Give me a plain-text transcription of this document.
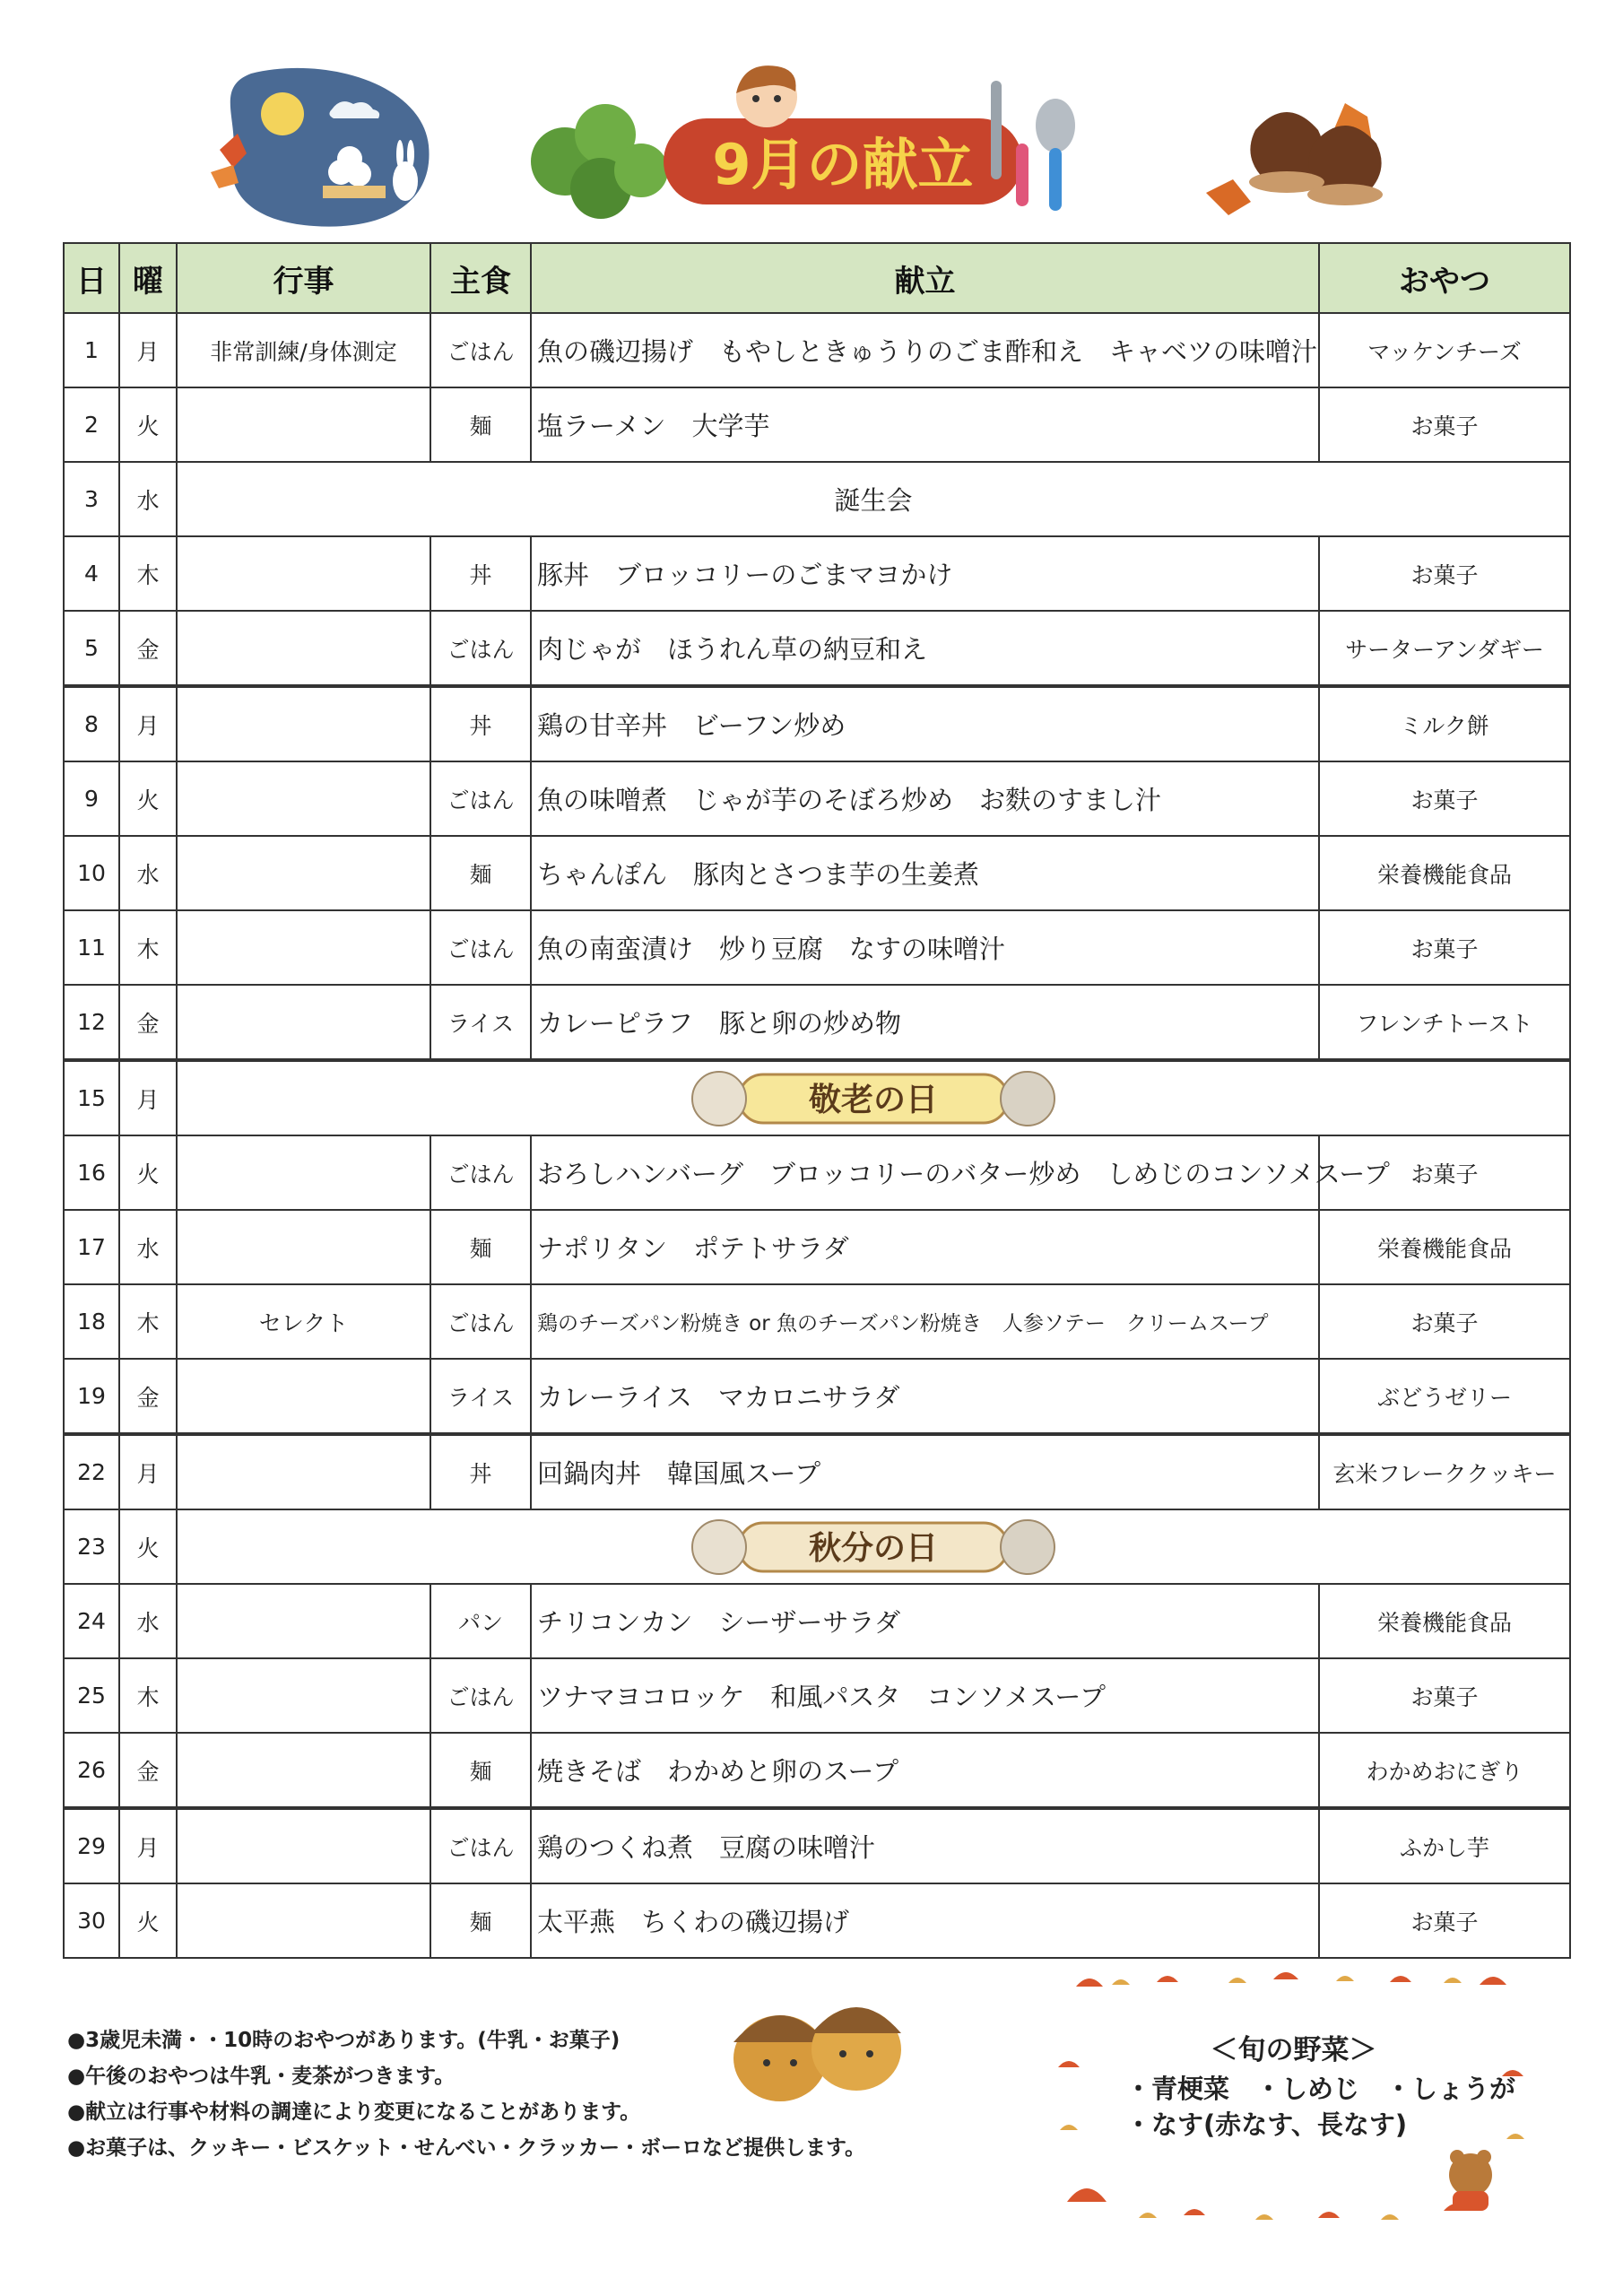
9月の献立
日	曜	行事	主食	献立	おやつ
1	月	非常訓練/身体測定	ごはん	魚の磯辺揚げ　もやしときゅうりのごま酢和え　キャベツの味噌汁	マッケンチーズ
2	火		麺	塩ラーメン　大学芋	お菓子
3	水	誕生会			
4	木		丼	豚丼　ブロッコリーのごまマヨかけ	お菓子
5	金		ごはん	肉じゃが　ほうれん草の納豆和え	サーターアンダギー
8	月		丼	鶏の甘辛丼　ビーフン炒め	ミルク餅
9	火		ごはん	魚の味噌煮　じゃが芋のそぼろ炒め　お麩のすまし汁	お菓子
10	水		麺	ちゃんぽん　豚肉とさつま芋の生姜煮	栄養機能食品
11	木		ごはん	魚の南蛮漬け　炒り豆腐　なすの味噌汁	お菓子
12	金		ライス	カレーピラフ　豚と卵の炒め物	フレンチトースト
15	月	敬老の日			

16	火		ごはん	おろしハンバーグ　ブロッコリーのバター炒め　しめじのコンソメスープ	お菓子
17	水		麺	ナポリタン　ポテトサラダ	栄養機能食品
18	木	セレクト	ごはん	鶏のチーズパン粉焼き or 魚のチーズパン粉焼き　人参ソテー　クリームスープ	お菓子
19	金		ライス	カレーライス　マカロニサラダ	ぶどうゼリー
22	月		丼	回鍋肉丼　韓国風スープ	玄米フレーククッキー
23	火	秋分の日			

24	水		パン	チリコンカン　シーザーサラダ	栄養機能食品
25	木		ごはん	ツナマヨコロッケ　和風パスタ　コンソメスープ	お菓子
26	金		麺	焼きそば　わかめと卵のスープ	わかめおにぎり
29	月		ごはん	鶏のつくね煮　豆腐の味噌汁	ふかし芋
30	火		麺	太平燕　ちくわの磯辺揚げ	お菓子
●3歳児未満・・10時のおやつがあります。(牛乳・お菓子)
●午後のおやつは牛乳・麦茶がつきます。
●献立は行事や材料の調達により変更になることがあります。
●お菓子は、クッキー・ビスケット・せんべい・クラッカー・ボーロなど提供します。
＜旬の野菜＞
・青梗菜　・しめじ　・しょうが
・なす(赤なす、長なす)
